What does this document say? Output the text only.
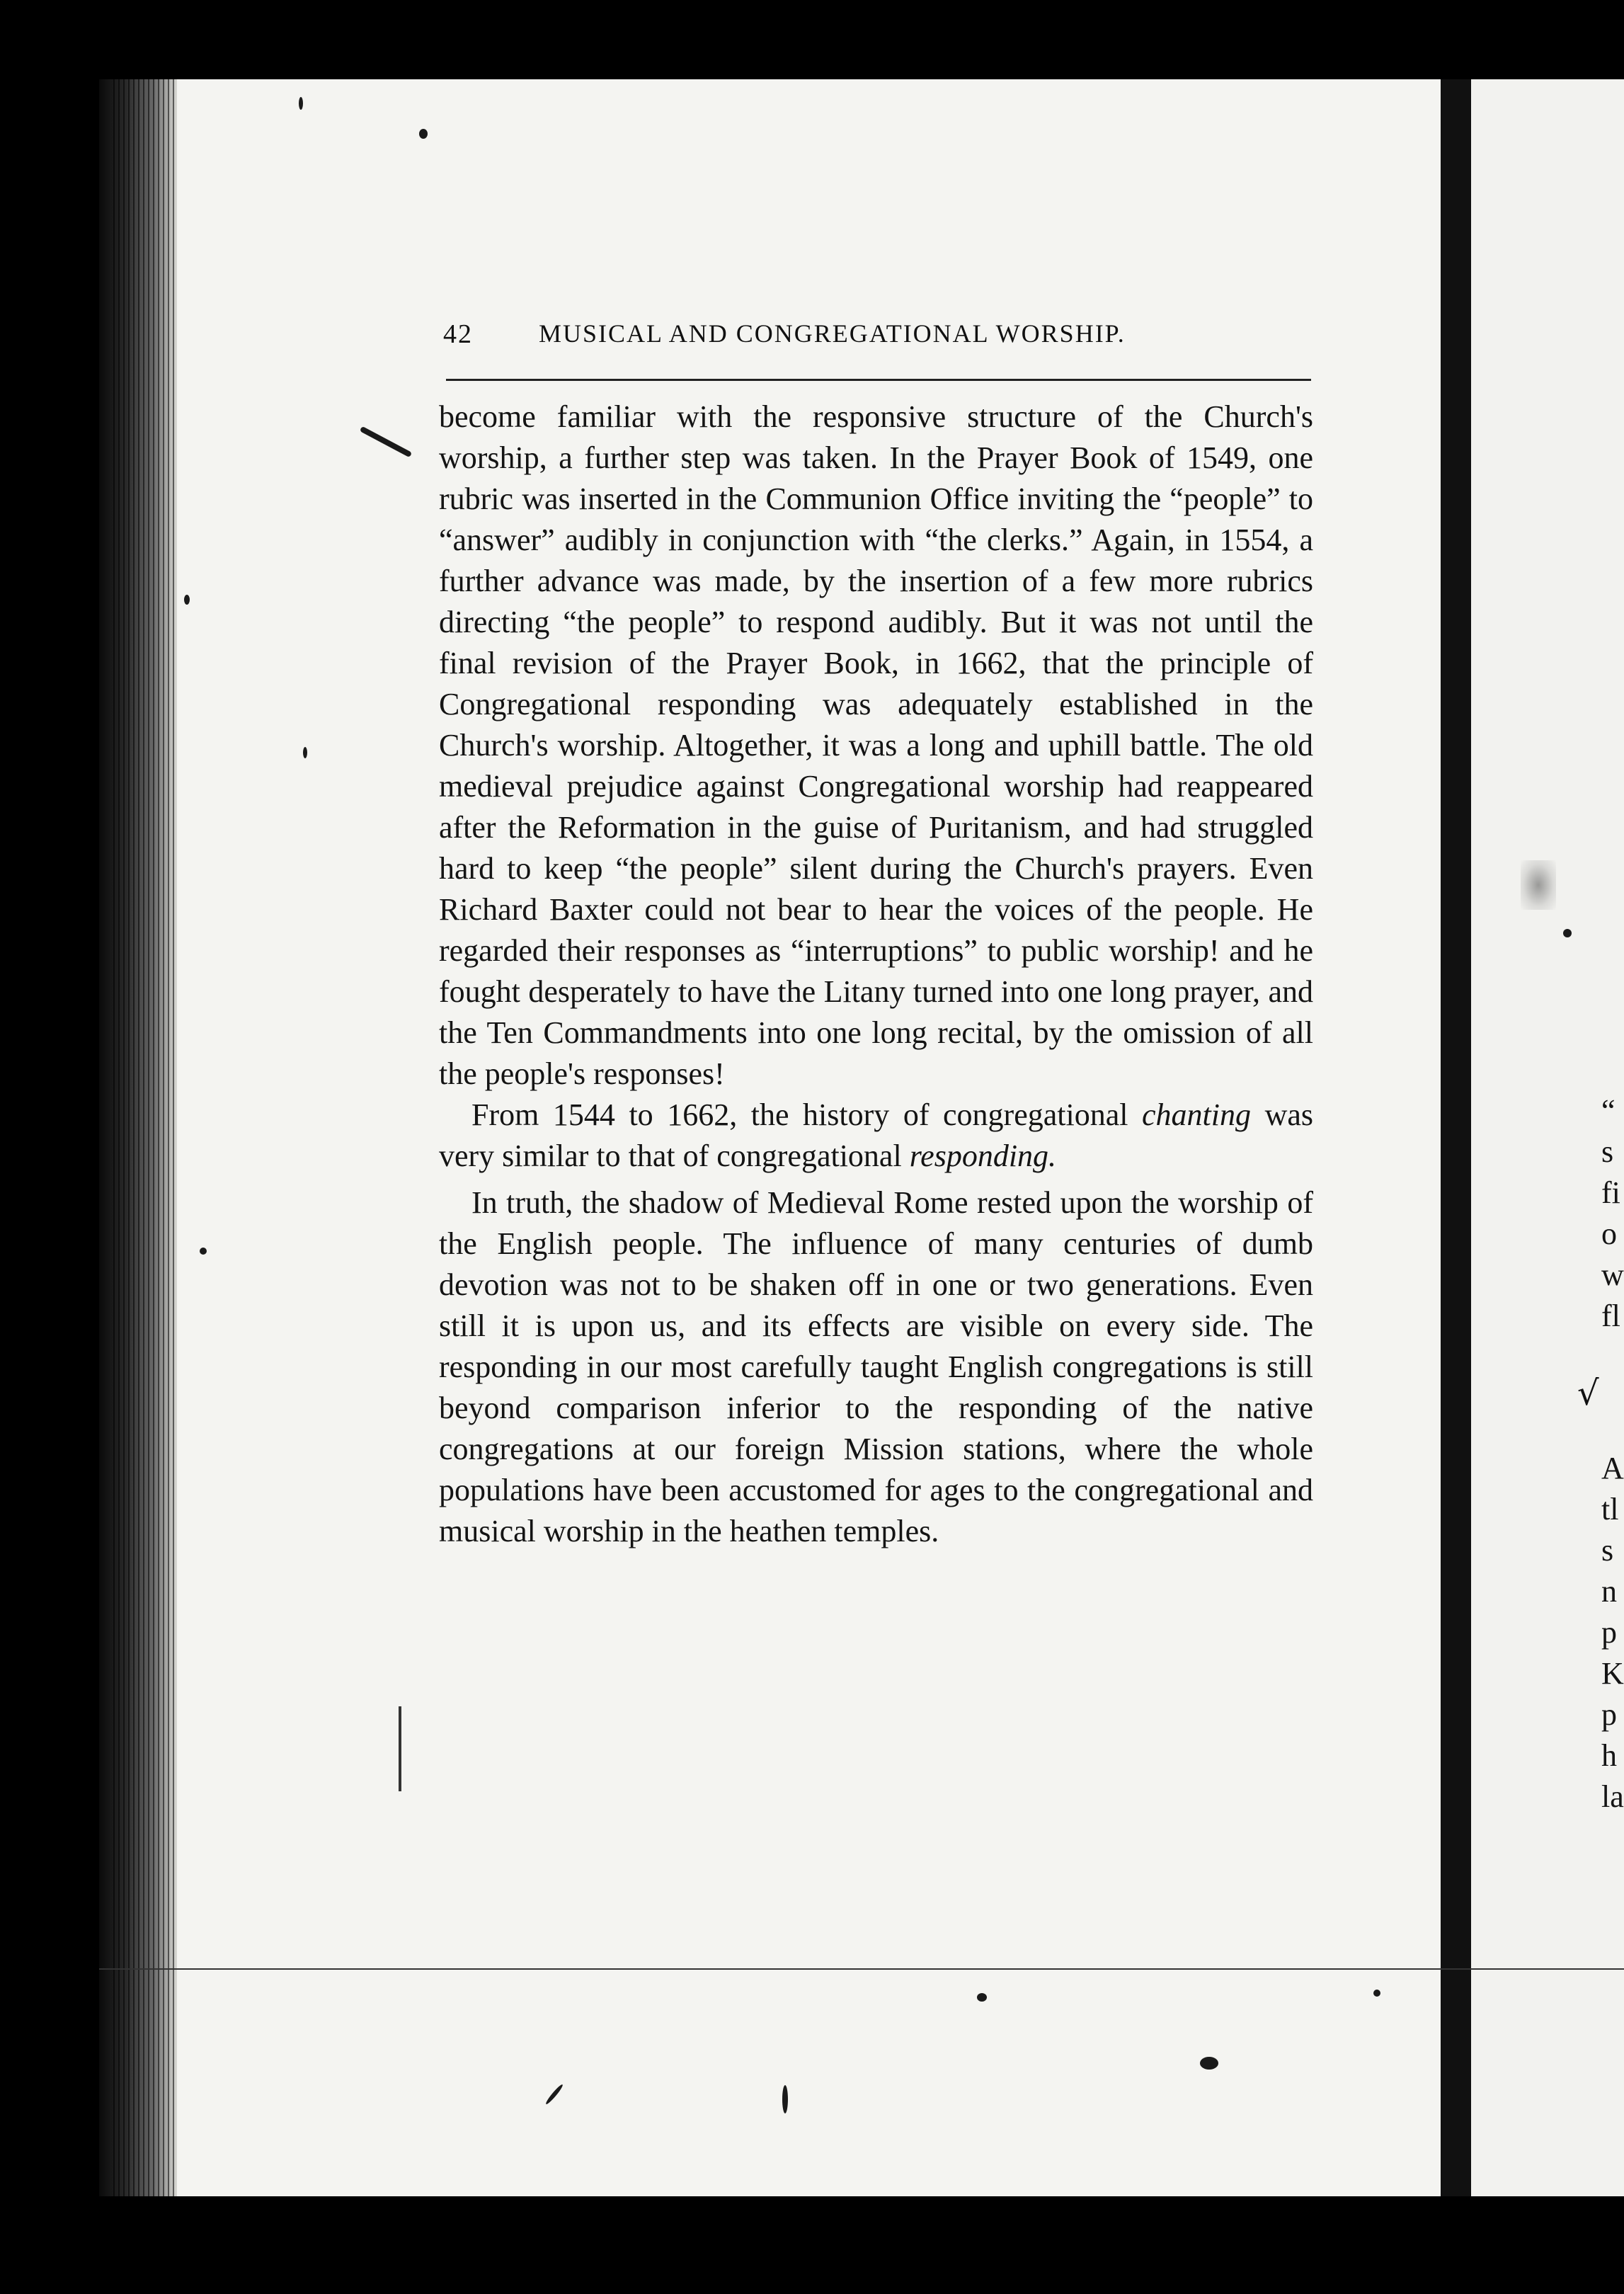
42	MUSICAL AND CONGREGATIONAL WORSHIP.

become familiar with the responsive structure of the Church's worship, a further step was taken. In the Prayer Book of 1549, one rubric was inserted in the Communion Office inviting the “people” to “answer” audibly in conjunction with “the clerks.” Again, in 1554, a further advance was made, by the insertion of a few more rubrics directing “the people” to respond audibly. But it was not until the final revision of the Prayer Book, in 1662, that the principle of Congregational responding was adequately established in the Church's worship. Altogether, it was a long and uphill battle. The old medieval prejudice against Congregational worship had reappeared after the Reformation in the guise of Puritanism, and had struggled hard to keep “the people” silent during the Church's prayers. Even Richard Baxter could not bear to hear the voices of the people. He regarded their responses as “interruptions” to public worship! and he fought desperately to have the Litany turned into one long prayer, and the Ten Commandments into one long recital, by the omission of all the people's responses!

From 1544 to 1662, the history of congregational chanting was very similar to that of congregational responding.

In truth, the shadow of Medieval Rome rested upon the worship of the English people. The influence of many centuries of dumb devotion was not to be shaken off in one or two generations. Even still it is upon us, and its effects are visible on every side. The responding in our most carefully taught English congregations is still beyond comparison inferior to the responding of the native congregations at our foreign Mission stations, where the whole populations have been accustomed for ages to the congregational and musical worship in the heathen temples.

“
s
fi
o
w
fl
√
A
tl
s
n
p
K
p
h
la
